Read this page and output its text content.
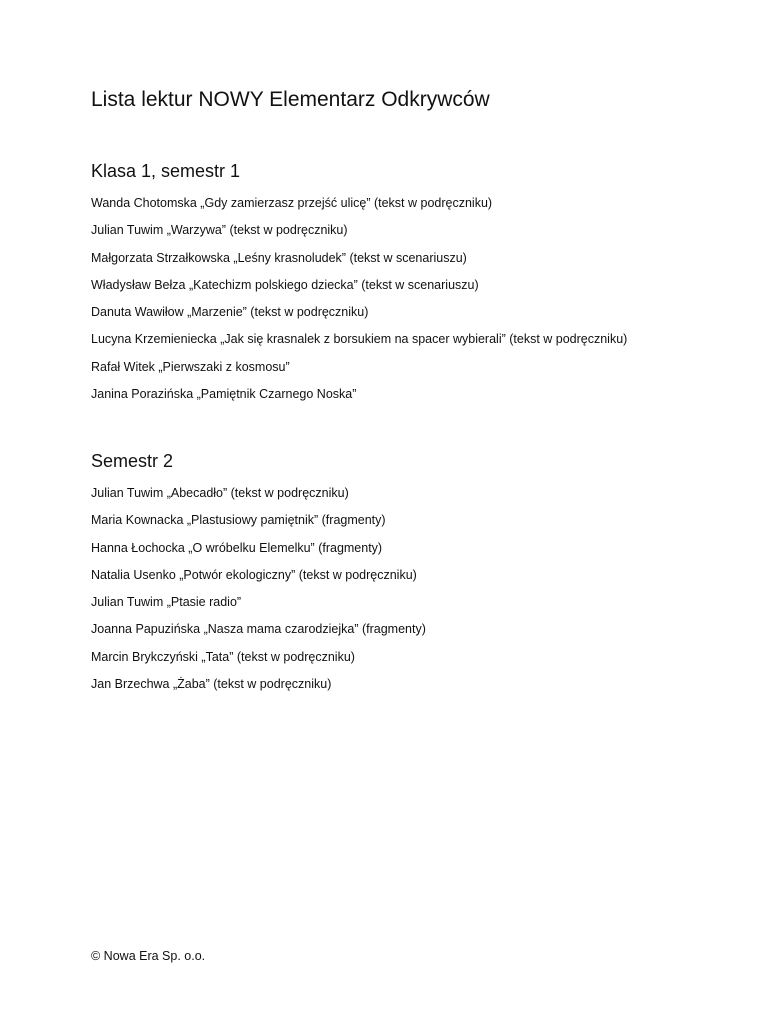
Lista lektur NOWY Elementarz Odkrywców
Klasa 1, semestr 1
Wanda Chotomska „Gdy zamierzasz przejść ulicę” (tekst w podręczniku)
Julian Tuwim „Warzywa” (tekst w podręczniku)
Małgorzata Strzałkowska „Leśny krasnoludek” (tekst w scenariuszu)
Władysław Bełza „Katechizm polskiego dziecka” (tekst w scenariuszu)
Danuta Wawiłow „Marzenie” (tekst w podręczniku)
Lucyna Krzemieniecka „Jak się krasnalek z borsukiem na spacer wybierali” (tekst w podręczniku)
Rafał Witek „Pierwszaki z kosmosu”
Janina Porazińska „Pamiętnik Czarnego Noska”
Semestr 2
Julian Tuwim „Abecadło” (tekst w podręczniku)
Maria Kownacka „Plastusiowy pamiętnik” (fragmenty)
Hanna Łochocka „O wróbelku Elemelku” (fragmenty)
Natalia Usenko „Potwór ekologiczny” (tekst w podręczniku)
Julian Tuwim „Ptasie radio”
Joanna Papuzińska „Nasza mama czarodziejka” (fragmenty)
Marcin Brykczyński „Tata” (tekst w podręczniku)
Jan Brzechwa „Żaba” (tekst w podręczniku)
© Nowa Era Sp. o.o.
